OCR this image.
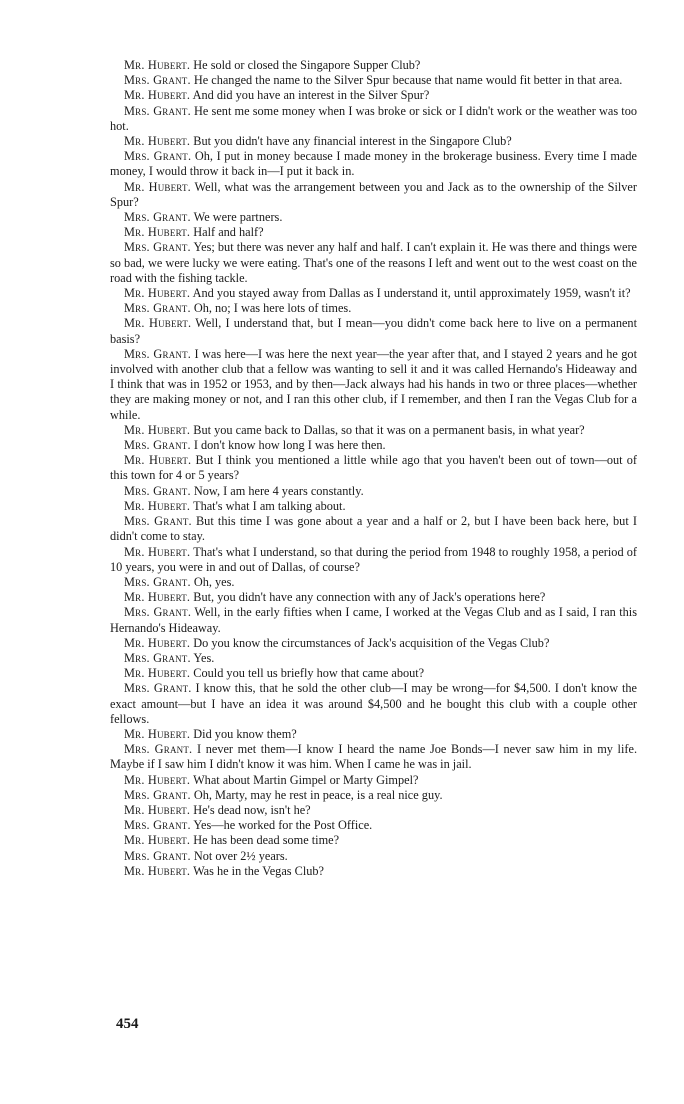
Mr. Hubert. He sold or closed the Singapore Supper Club?

Mrs. Grant. He changed the name to the Silver Spur because that name would fit better in that area.

Mr. Hubert. And did you have an interest in the Silver Spur?

Mrs. Grant. He sent me some money when I was broke or sick or I didn't work or the weather was too hot.

Mr. Hubert. But you didn't have any financial interest in the Singapore Club?

Mrs. Grant. Oh, I put in money because I made money in the brokerage business. Every time I made money, I would throw it back in—I put it back in.

Mr. Hubert. Well, what was the arrangement between you and Jack as to the ownership of the Silver Spur?

Mrs. Grant. We were partners.

Mr. Hubert. Half and half?

Mrs. Grant. Yes; but there was never any half and half. I can't explain it. He was there and things were so bad, we were lucky we were eating. That's one of the reasons I left and went out to the west coast on the road with the fishing tackle.

Mr. Hubert. And you stayed away from Dallas as I understand it, until approximately 1959, wasn't it?

Mrs. Grant. Oh, no; I was here lots of times.

Mr. Hubert. Well, I understand that, but I mean—you didn't come back here to live on a permanent basis?

Mrs. Grant. I was here—I was here the next year—the year after that, and I stayed 2 years and he got involved with another club that a fellow was wanting to sell it and it was called Hernando's Hideaway and I think that was in 1952 or 1953, and by then—Jack always had his hands in two or three places—whether they are making money or not, and I ran this other club, if I remember, and then I ran the Vegas Club for a while.

Mr. Hubert. But you came back to Dallas, so that it was on a permanent basis, in what year?

Mrs. Grant. I don't know how long I was here then.

Mr. Hubert. But I think you mentioned a little while ago that you haven't been out of town—out of this town for 4 or 5 years?

Mrs. Grant. Now, I am here 4 years constantly.

Mr. Hubert. That's what I am talking about.

Mrs. Grant. But this time I was gone about a year and a half or 2, but I have been back here, but I didn't come to stay.

Mr. Hubert. That's what I understand, so that during the period from 1948 to roughly 1958, a period of 10 years, you were in and out of Dallas, of course?

Mrs. Grant. Oh, yes.

Mr. Hubert. But, you didn't have any connection with any of Jack's operations here?

Mrs. Grant. Well, in the early fifties when I came, I worked at the Vegas Club and as I said, I ran this Hernando's Hideaway.

Mr. Hubert. Do you know the circumstances of Jack's acquisition of the Vegas Club?

Mrs. Grant. Yes.

Mr. Hubert. Could you tell us briefly how that came about?

Mrs. Grant. I know this, that he sold the other club—I may be wrong—for $4,500. I don't know the exact amount—but I have an idea it was around $4,500 and he bought this club with a couple other fellows.

Mr. Hubert. Did you know them?

Mrs. Grant. I never met them—I know I heard the name Joe Bonds—I never saw him in my life. Maybe if I saw him I didn't know it was him. When I came he was in jail.

Mr. Hubert. What about Martin Gimpel or Marty Gimpel?

Mrs. Grant. Oh, Marty, may he rest in peace, is a real nice guy.

Mr. Hubert. He's dead now, isn't he?

Mrs. Grant. Yes—he worked for the Post Office.

Mr. Hubert. He has been dead some time?

Mrs. Grant. Not over 2½ years.

Mr. Hubert. Was he in the Vegas Club?

454
